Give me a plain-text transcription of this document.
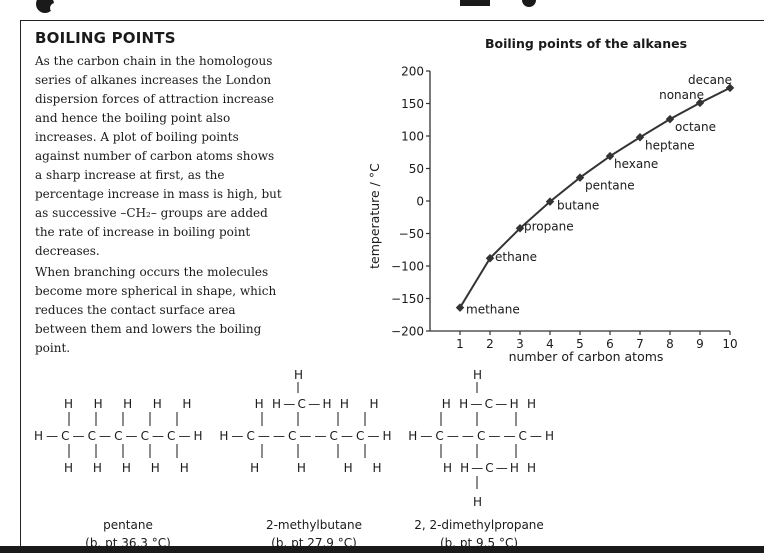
BOILING POINTS

As the carbon chain in the homologous series of alkanes increases the London dispersion forces of attraction increase and hence the boiling point also increases. A plot of boiling points against number of carbon atoms shows a sharp increase at first, as the percentage increase in mass is high, but as successive –CH₂– groups are added the rate of increase in boiling point decreases.

When branching occurs the molecules become more spherical in shape, which reduces the contact surface area between them and lowers the boiling point.

Boiling points of the alkanes
temperature / °C
number of carbon atoms
200
150
100
50
0
−50
−100
−150
−200
1 2 3 4 5 6 7 8 9 10
methane
ethane
propane
butane
pentane
hexane
heptane
octane
nonane
decane
H	H
H   H   H   H   H          H H—C—H H   H          H H—C—H H
H—C—C—C—C—C—H  H—C——C——C—C—H  H—C——C——C—H
H   H   H   H   H          H      H      H   H          H H—C—H H
H
pentane
(b. pt 36.3 °C)
2-methylbutane
(b. pt 27.9 °C)
2, 2-dimethylpropane
(b. pt 9.5 °C)
